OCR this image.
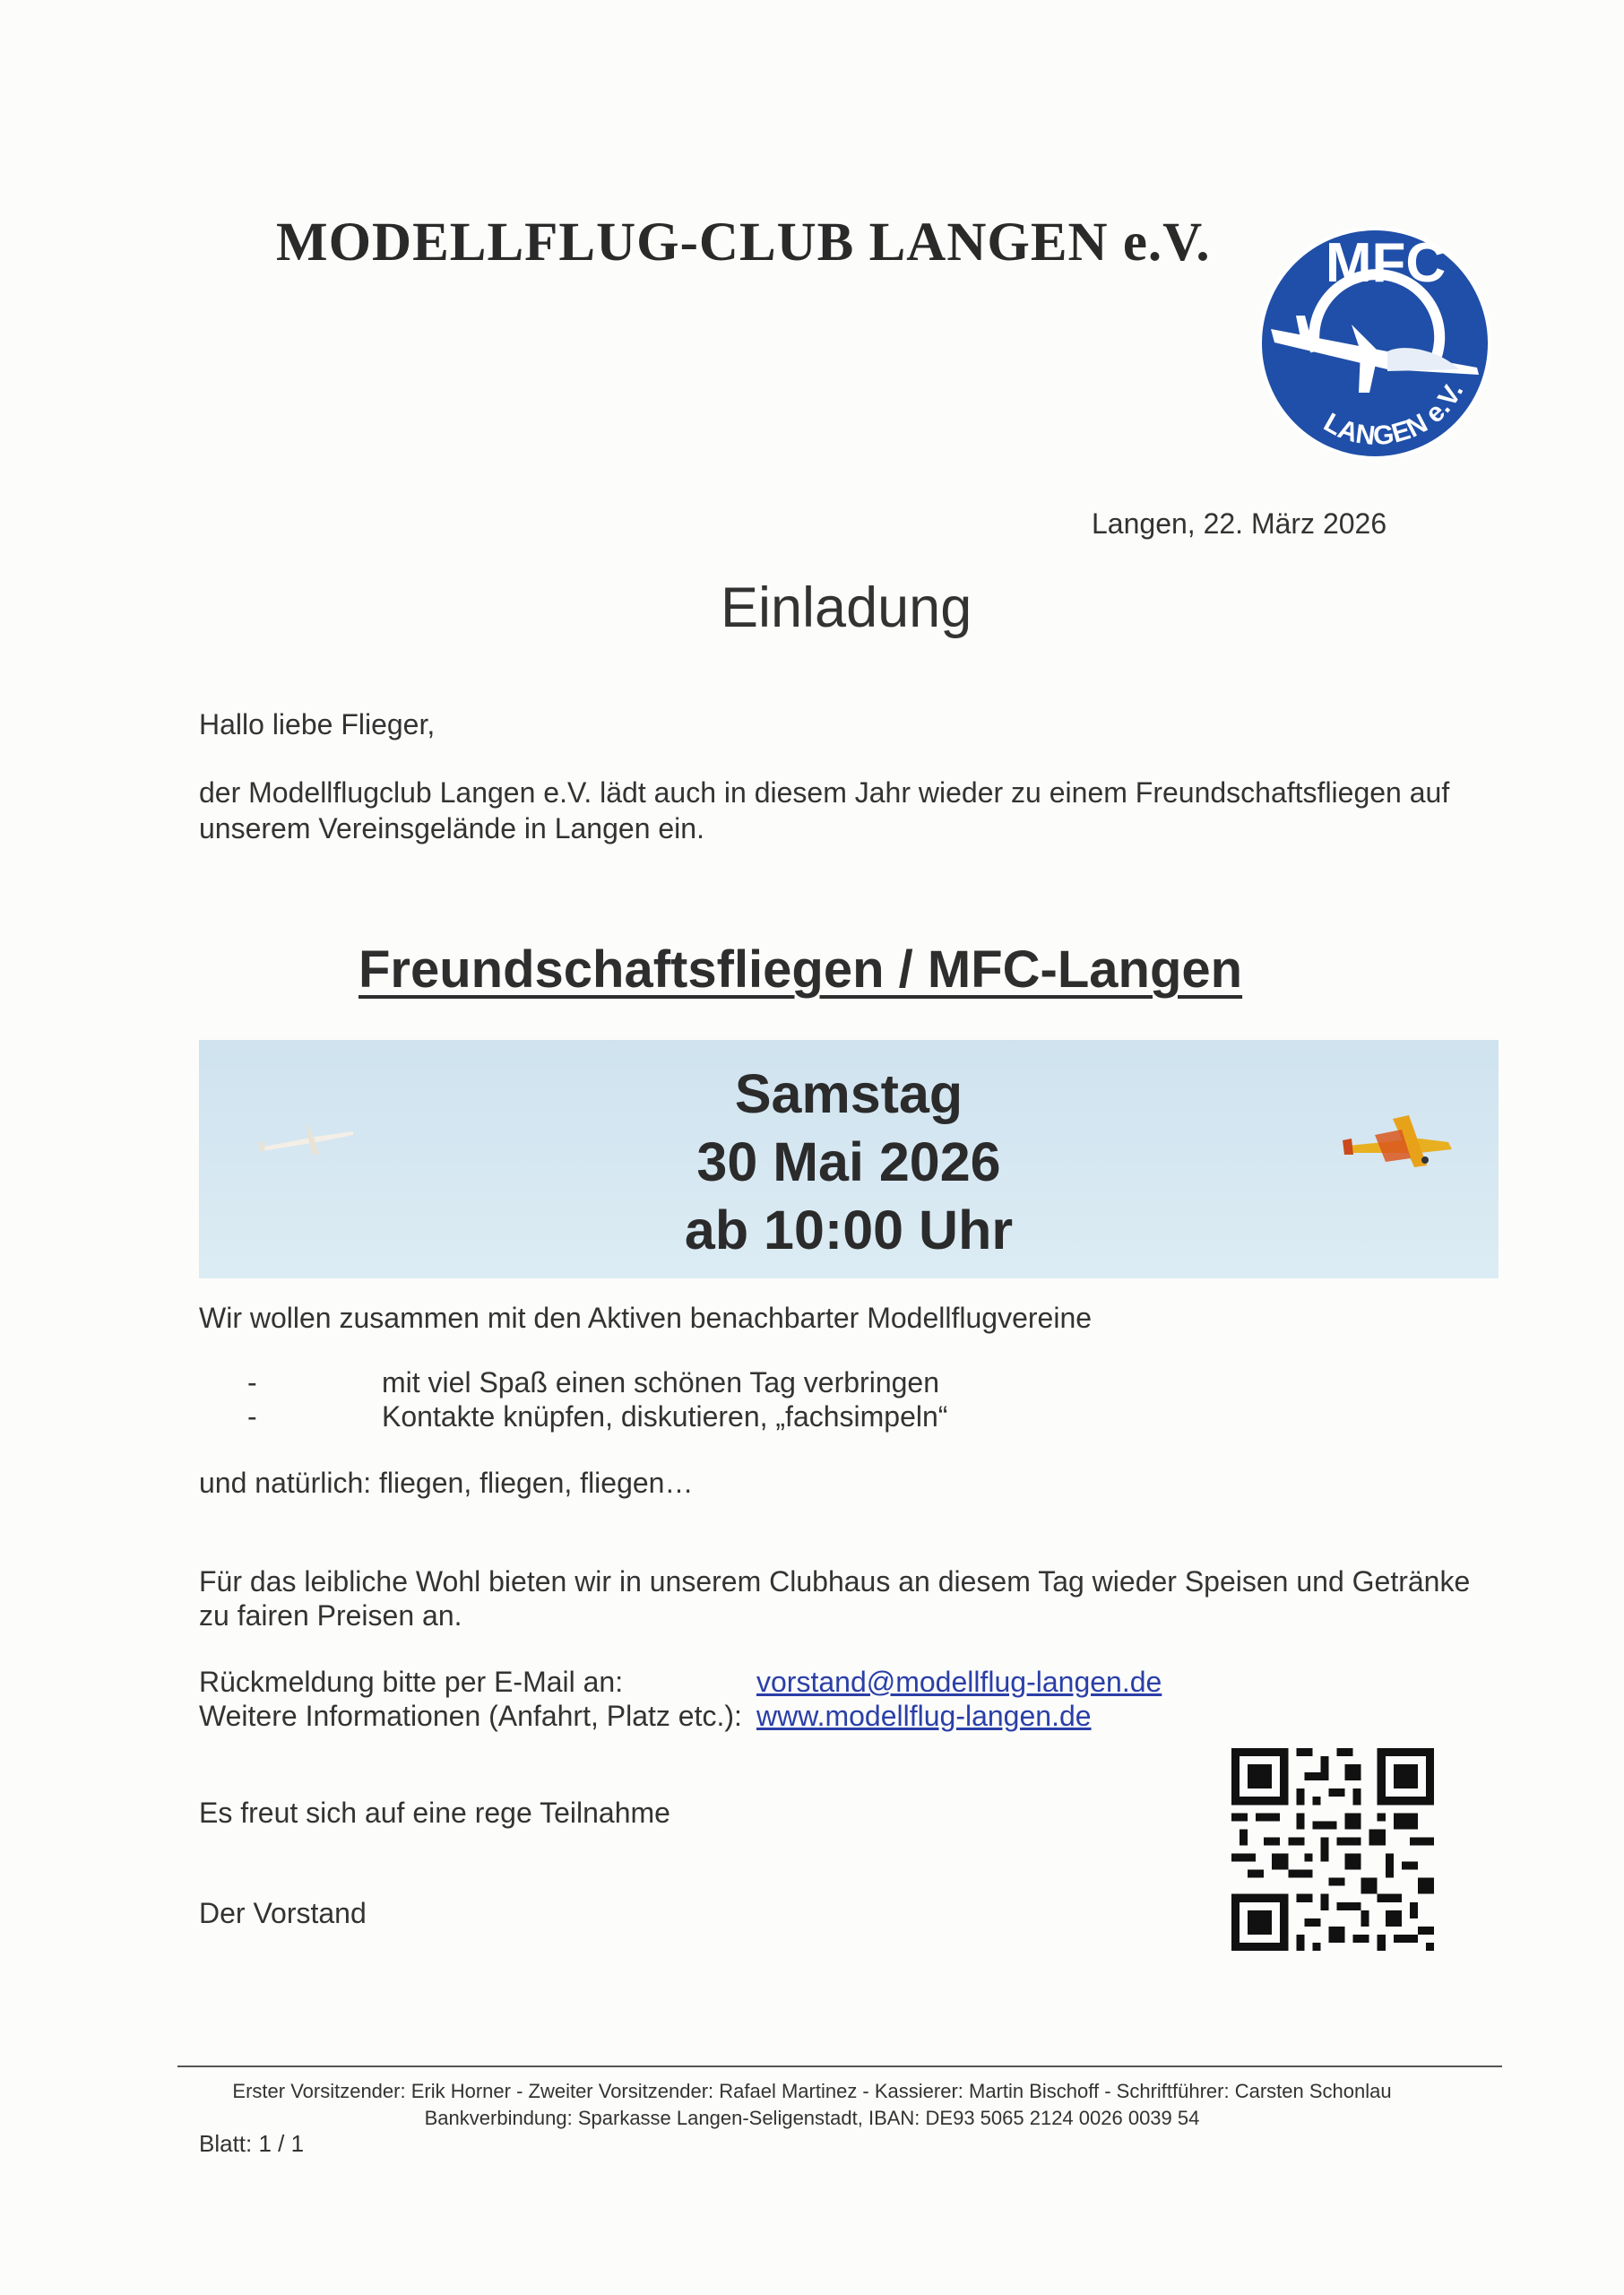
MODELLFLUG-CLUB LANGEN e.V. MFC
LANGEN e.V.
Langen, 22. März 2026
Einladung
Hallo liebe Flieger,
der Modellflugclub Langen e.V. lädt auch in diesem Jahr wieder zu einem Freundschaftsfliegen auf unserem Vereinsgelände in Langen ein.
Freundschaftsfliegen / MFC-Langen
Samstag
30 Mai 2026
ab 10:00 Uhr
Wir wollen zusammen mit den Aktiven benachbarter Modellflugvereine
-	mit viel Spaß einen schönen Tag verbringen
-	Kontakte knüpfen, diskutieren, „fachsimpeln“
und natürlich: fliegen, fliegen, fliegen…
Für das leibliche Wohl bieten wir in unserem Clubhaus an diesem Tag wieder Speisen und Getränke
zu fairen Preisen an.
Rückmeldung bitte per E-Mail an:	vorstand@modellflug-langen.de
Weitere Informationen (Anfahrt, Platz etc.): www.modellflug-langen.de
Es freut sich auf eine rege Teilnahme
Der Vorstand
Erster Vorsitzender: Erik Horner - Zweiter Vorsitzender: Rafael Martinez - Kassierer: Martin Bischoff - Schriftführer: Carsten Schonlau
Bankverbindung: Sparkasse Langen-Seligenstadt, IBAN: DE93 5065 2124 0026 0039 54
Blatt: 1 / 1
